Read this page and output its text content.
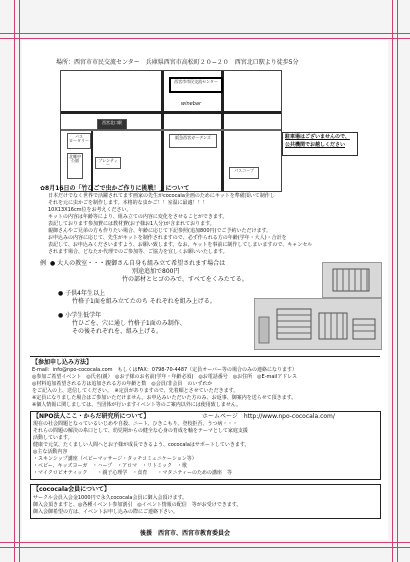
場所：西宮市市民交流センター　兵庫県西宮市高松町２０−２０　西宮北口駅より徒歩5分
西宮市市民交流センター
winebar
阪急西宮ガーデンズ
西宮北口駅
バス
ロータリー
北郷中公園	プレンティー
パスコープ
駐車場はございませんので、
公共機関でお越しください
✿8月16日の「竹ひごで虫かご作りに挑戦！」について
日本だけでなく世界で活躍されてます画家の先生がcococala企画のためにキットを準備頂いて制作し
それを元に虫かごを制作します。本格的な虫かご！！室温に最適！！！
10X13X16cm位をお考えください。
キットの内容は年齢等により、組み立ての内容に変化をさせることができます。
表記しております参加費には教材費(お子様お1人分)が含まれております。
親御さんやご兄弟の方も作りたい場合、年齢に応じて下記参照(追加800円)でご予約いただけます。
お申込みの内容に応じて、先生がキットを制作されますので、必ず作られる方の年齢(学年・大人)・合計を
表記して、お申込みくださいますよう、お願い致します。なお、キットを事前に制作してしまいますので、キャンセル
されます場合、どなたか代理でのご参加等、ご協力を宜しくお願いいたします。
例 ● 大人の教室・・・親御さん自身も組み立て希望されます場合は
別途追加で800円
竹の部材とヒゴのみで、すべてをくみたてる。
● 子供4年生以上
竹格子1面を組み立てたのち それぞれを組み上げる。
● 小学生低学年
竹ひごを、穴に通し 竹格子1面のみ制作、
その後それぞれを、組み上げる。
【参加申し込み方法】
E-mail：info@npo-cococala.com　もしくはFAX：0798-70-4487（定員オーバー等の場合のみの連絡になります）
◎参加ご希望イベント　◎氏名(親）　◎お子様のお名前(学年・年齢必須)　◎お電話番号　◎お住所　◎E-mailアドレス
◎材料追加希望される方は追加される方の年齢と数　◎会員/非会員　のいずれか
をご記入の上、送信してください。　※定員がありますので、先着順とさせていただきます。
※定員になりました場合はご参加いただけません。お申込みいただいた方のみ、お返事、御案内を送らせて頂きます。
※個人情報に関しましては、当団体が行いますイベント等のご案内以外には使用致しません。
【NPO法人ここ・からだ研究所について】	ホームページ　http://www.npo-cococala.com/
現在の社会問題となっているいじめや自殺、ニート、ひきこもり、登校拒否、うつ病・・・
それらの問題の解決の糸口として、幼児期からの健全な心身の育成を軸をテーマとして家庭支援
活動しています。
健康で元気、たくましい人間へとお子様が成長できるよう、cococalaはサポートしていきます。
◎主な活動内容
・スキンシップ講座（ベビーマッサージ・タッチコミュニケーション等）
・ベビー、キッズヨーガ　・ハープ　・アロマ　・リトミック　・歌
・マイクロビオティック　　・親子心理学　・食育　　・マタニティーのための講座　等
【cococala会員について】
サークル会員入会金1000円で永久cococala会員に御入会頂けます。
御入会頂きますと、◎各種イベント参加割引　◎イベント情報の配信　等がお受けできます。
御入会御希望の方は、イベントお申し込みの際にご連絡下さい。
後援　西宮市、西宮市教育委員会
